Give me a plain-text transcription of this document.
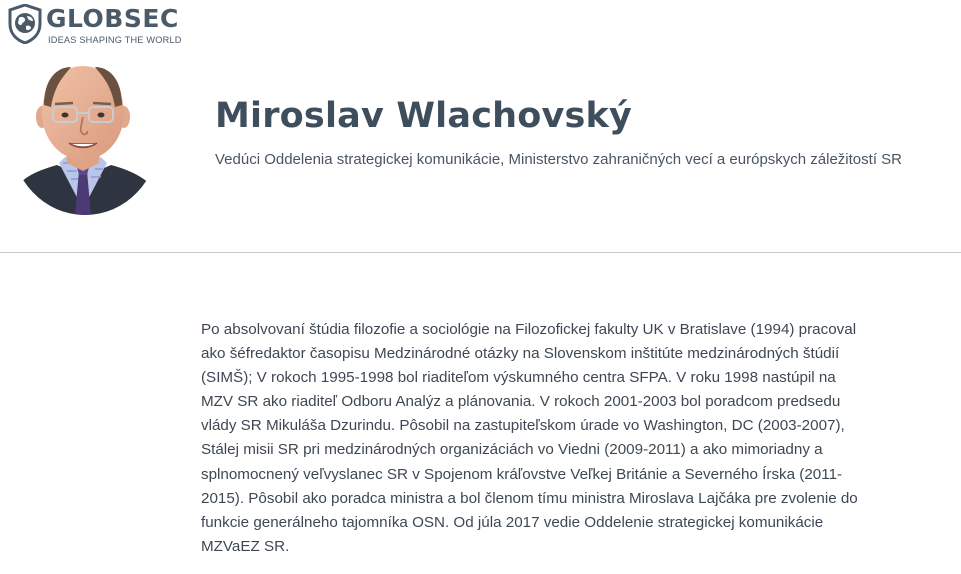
GLOBSEC
IDEAS SHAPING THE WORLD
Miroslav Wlachovský
Vedúci Oddelenia strategickej komunikácie, Ministerstvo zahraničných vecí a európskych záležitostí SR

Po absolvovaní štúdia filozofie a sociológie na Filozofickej fakulty UK v Bratislave (1994) pracoval ako šéfredaktor časopisu Medzinárodné otázky na Slovenskom inštitúte medzinárodných štúdií (SIMŠ); V rokoch 1995-1998 bol riaditeľom výskumného centra SFPA. V roku 1998 nastúpil na MZV SR ako riaditeľ Odboru Analýz a plánovania. V rokoch 2001-2003 bol poradcom predsedu vlády SR Mikuláša Dzurindu. Pôsobil na zastupiteľskom úrade vo Washington, DC (2003-2007), Stálej misii SR pri medzinárodných organizáciách vo Viedni (2009-2011) a ako mimoriadny a splnomocnený veľvyslanec SR v Spojenom kráľovstve Veľkej Británie a Severného Írska (2011-2015). Pôsobil ako poradca ministra a bol členom tímu ministra Miroslava Lajčáka pre zvolenie do funkcie generálneho tajomníka OSN. Od júla 2017 vedie Oddelenie strategickej komunikácie MZVaEZ SR.
